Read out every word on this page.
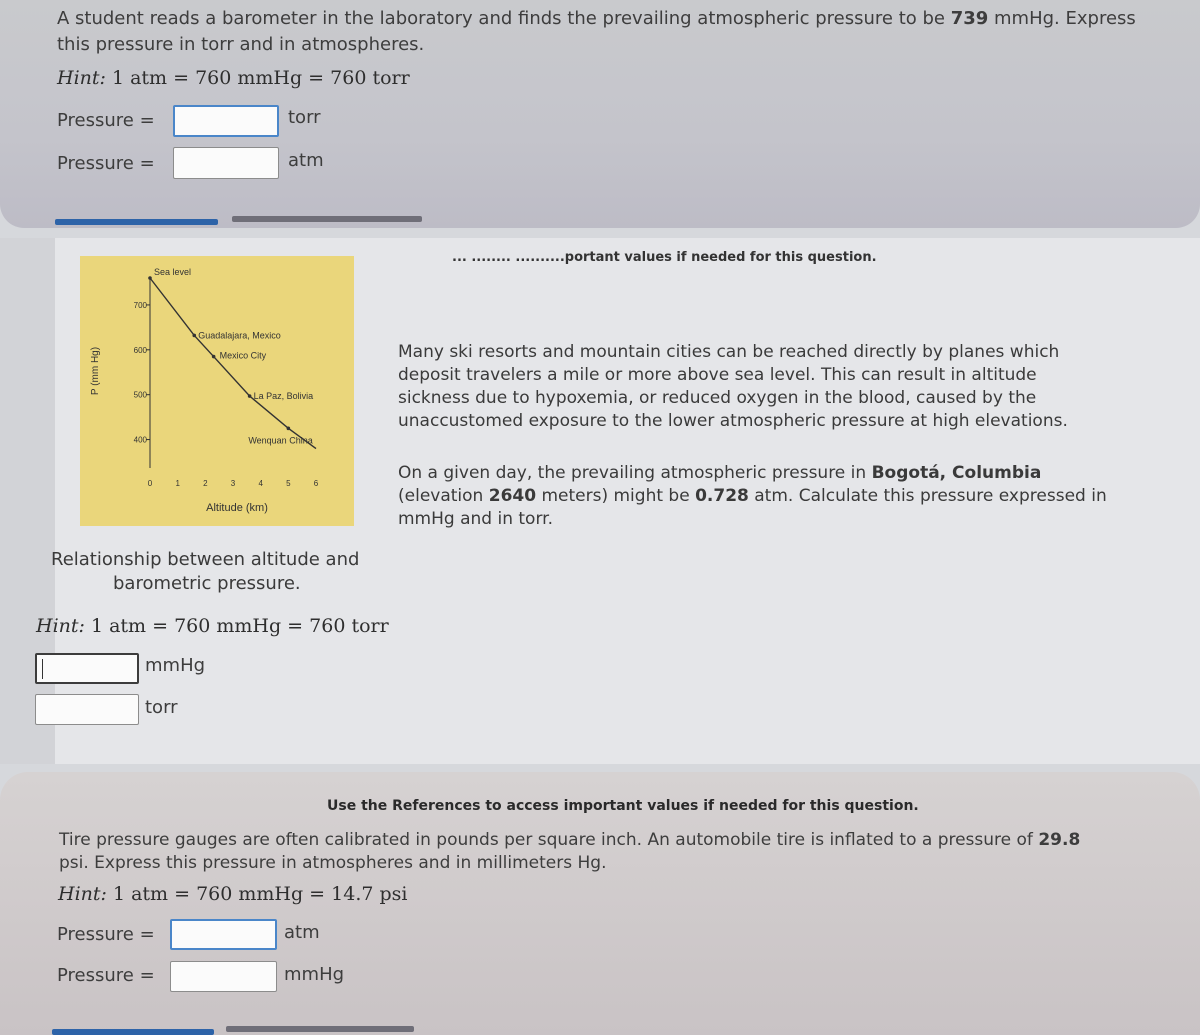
A student reads a barometer in the laboratory and finds the prevailing atmospheric pressure to be 739 mmHg. Express
this pressure in torr and in atmospheres.
Hint: 1 atm = 760 mmHg = 760 torr
Pressure =	torr
Pressure =	atm
... ........ ..........portant values if needed for this question.
700
600
500
400
0	1	2	3	4	5	6
Altitude (km)
P (mm Hg)
Sea level
Guadalajara, Mexico
Mexico City
La Paz, Bolivia
Wenquan China
Relationship between altitude and
barometric pressure.
Many ski resorts and mountain cities can be reached directly by planes which
deposit travelers a mile or more above sea level. This can result in altitude
sickness due to hypoxemia, or reduced oxygen in the blood, caused by the
unaccustomed exposure to the lower atmospheric pressure at high elevations.
On a given day, the prevailing atmospheric pressure in Bogotá, Columbia
(elevation 2640 meters) might be 0.728 atm. Calculate this pressure expressed in
mmHg and in torr.
Hint: 1 atm = 760 mmHg = 760 torr
mmHg
torr
Use the References to access important values if needed for this question.
Tire pressure gauges are often calibrated in pounds per square inch. An automobile tire is inflated to a pressure of 29.8
psi. Express this pressure in atmospheres and in millimeters Hg.
Hint: 1 atm = 760 mmHg = 14.7 psi
Pressure =	atm
Pressure =	mmHg
